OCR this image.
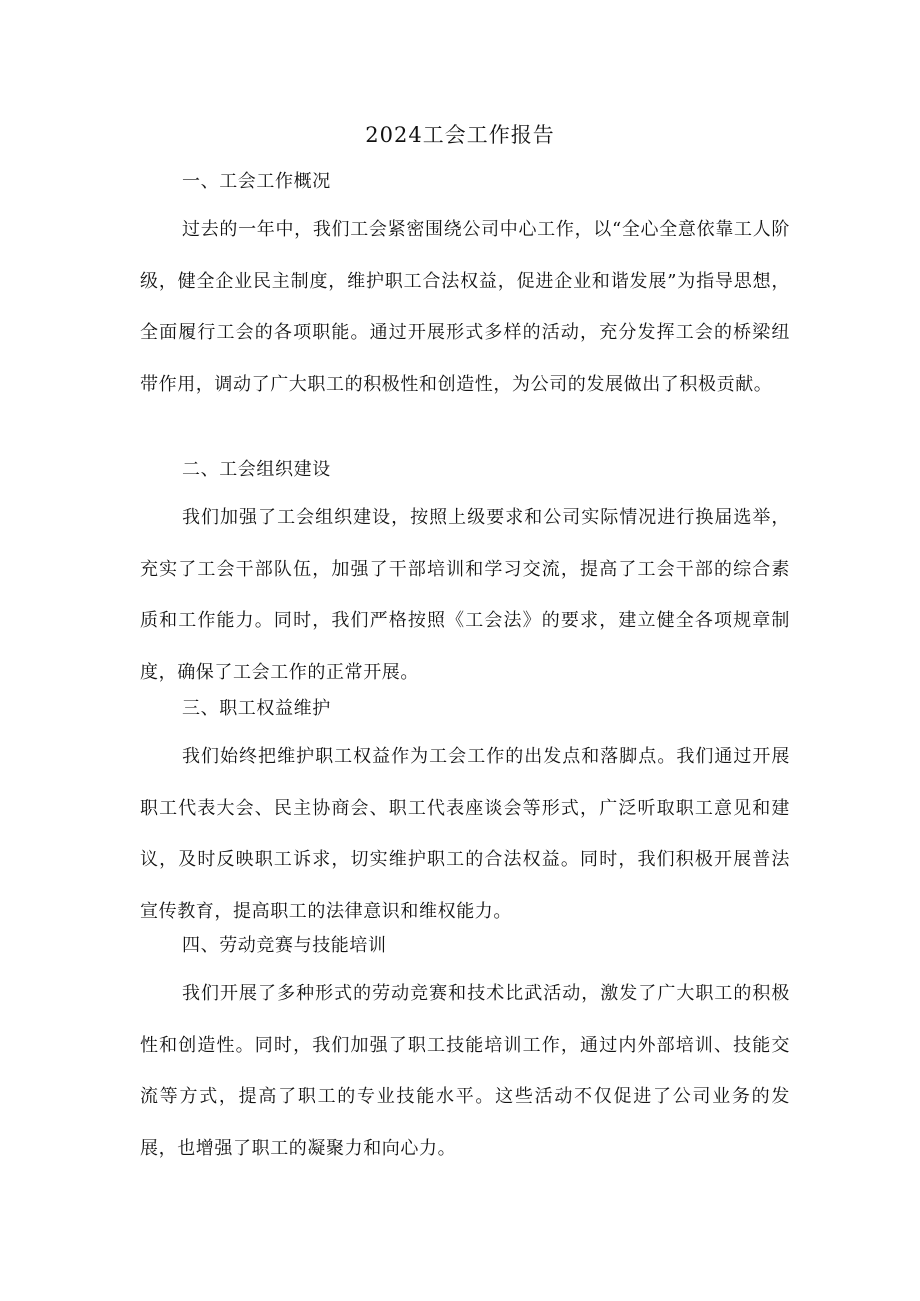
2024工会工作报告
一、工会工作概况

过去的一年中，我们工会紧密围绕公司中心工作，以“全心全意依靠工人阶级，健全企业民主制度，维护职工合法权益，促进企业和谐发展”为指导思想，全面履行工会的各项职能。通过开展形式多样的活动，充分发挥工会的桥梁纽带作用，调动了广大职工的积极性和创造性，为公司的发展做出了积极贡献。

二、工会组织建设

我们加强了工会组织建设，按照上级要求和公司实际情况进行换届选举，充实了工会干部队伍，加强了干部培训和学习交流，提高了工会干部的综合素质和工作能力。同时，我们严格按照《工会法》的要求，建立健全各项规章制度，确保了工会工作的正常开展。

三、职工权益维护

我们始终把维护职工权益作为工会工作的出发点和落脚点。我们通过开展职工代表大会、民主协商会、职工代表座谈会等形式，广泛听取职工意见和建议，及时反映职工诉求，切实维护职工的合法权益。同时，我们积极开展普法宣传教育，提高职工的法律意识和维权能力。

四、劳动竞赛与技能培训

我们开展了多种形式的劳动竞赛和技术比武活动，激发了广大职工的积极性和创造性。同时，我们加强了职工技能培训工作，通过内外部培训、技能交流等方式，提高了职工的专业技能水平。这些活动不仅促进了公司业务的发展，也增强了职工的凝聚力和向心力。
